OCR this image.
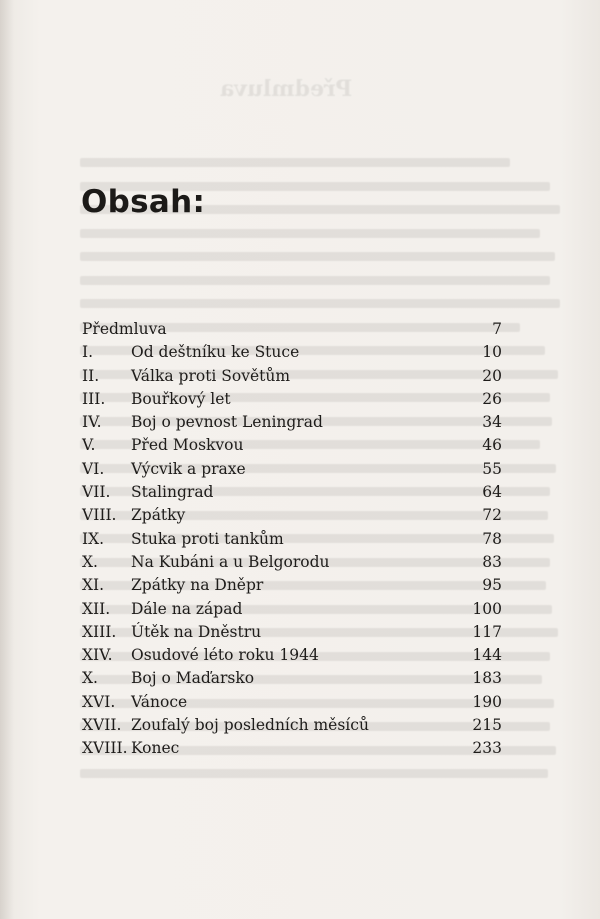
Obsah:
Předmluva	7
I. Od deštníku ke Stuce	10
II. Válka proti Sovětům	20
III. Bouřkový let	26
IV. Boj o pevnost Leningrad	34
V. Před Moskvou	46
VI. Výcvik a praxe	55
VII. Stalingrad	64
VIII. Zpátky	72
IX. Stuka proti tankům	78
X. Na Kubáni a u Belgorodu	83
XI. Zpátky na Dněpr	95
XII. Dále na západ	100
XIII. Útěk na Dněstru	117
XIV. Osudové léto roku 1944	144
X. Boj o Maďarsko	183
XVI. Vánoce	190
XVII. Zoufalý boj posledních měsíců	215
XVIII. Konec	233
